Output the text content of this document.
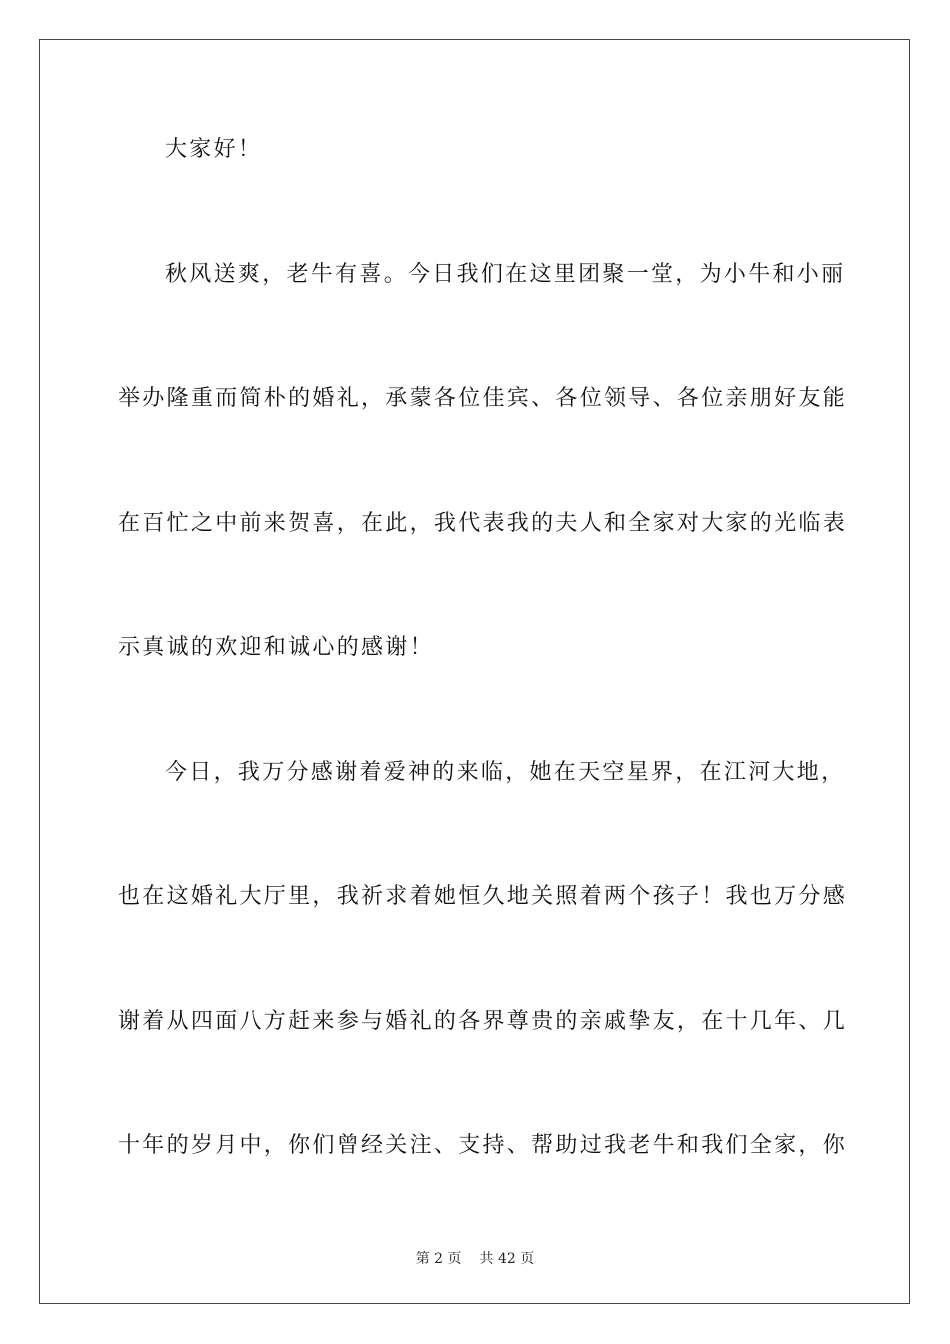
大家好！
秋风送爽，老牛有喜。今日我们在这里团聚一堂，为小牛和小丽
举办隆重而简朴的婚礼，承蒙各位佳宾、各位领导、各位亲朋好友能
在百忙之中前来贺喜，在此，我代表我的夫人和全家对大家的光临表
示真诚的欢迎和诚心的感谢！
今日，我万分感谢着爱神的来临，她在天空星界，在江河大地，
也在这婚礼大厅里，我祈求着她恒久地关照着两个孩子！我也万分感
谢着从四面八方赶来参与婚礼的各界尊贵的亲戚挚友，在十几年、几
十年的岁月中，你们曾经关注、支持、帮助过我老牛和我们全家，你
第 2 页 共 42 页
